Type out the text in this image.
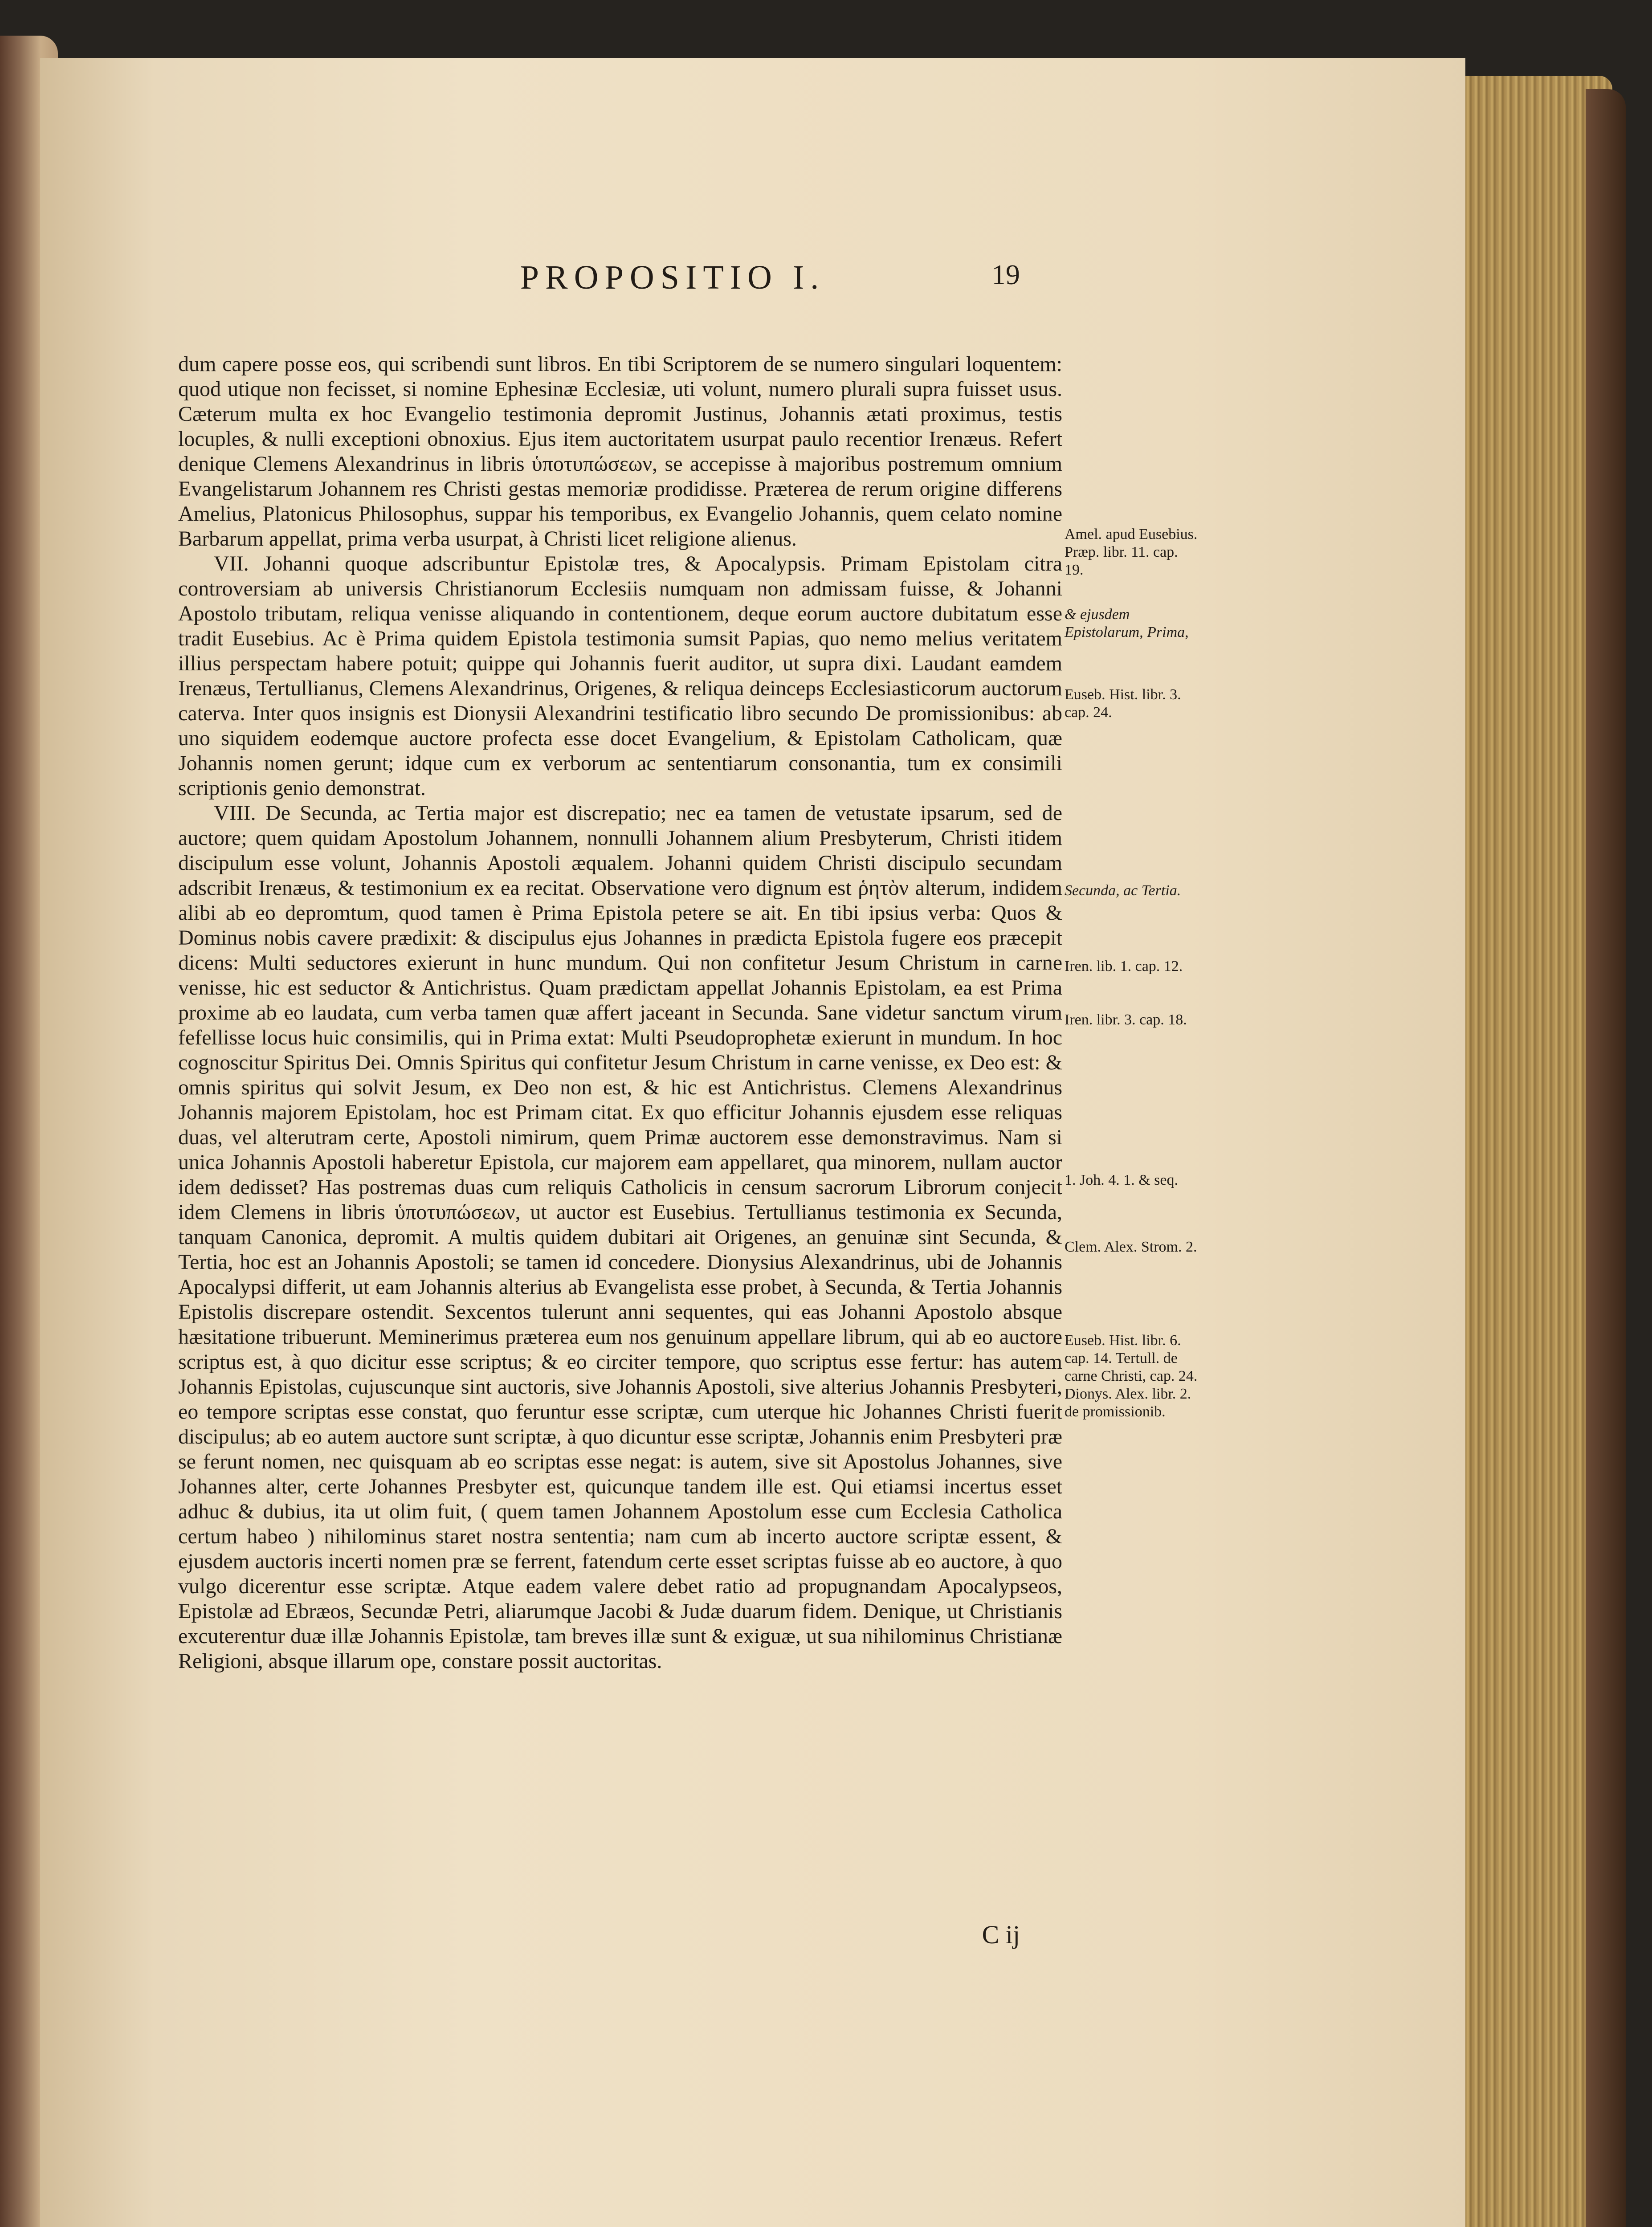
PROPOSITIO I.	19

dum capere posse eos, qui scribendi sunt libros. En tibi Scriptorem de se numero singulari loquentem: quod utique non fecisset, si nomine Ephesinæ Ecclesiæ, uti volunt, numero plurali supra fuisset usus. Cæterum multa ex hoc Evangelio testimonia depromit Justinus, Johannis ætati proximus, testis locuples, & nulli exceptioni obnoxius. Ejus item auctoritatem usurpat paulo recentior Irenæus. Refert denique Clemens Alexandrinus in libris ὑποτυπώσεων, se accepisse à majoribus postremum omnium Evangelistarum Johannem res Christi gestas memoriæ prodidisse. Præterea de rerum origine differens Amelius, Platonicus Philosophus, suppar his temporibus, ex Evangelio Johannis, quem celato nomine Barbarum appellat, prima verba usurpat, à Christi licet religione alienus.

VII. Johanni quoque adscribuntur Epistolæ tres, & Apocalypsis. Primam Epistolam citra controversiam ab universis Christianorum Ecclesiis numquam non admissam fuisse, & Johanni Apostolo tributam, reliqua venisse aliquando in contentionem, deque eorum auctore dubitatum esse tradit Eusebius. Ac è Prima quidem Epistola testimonia sumsit Papias, quo nemo melius veritatem illius perspectam habere potuit; quippe qui Johannis fuerit auditor, ut supra dixi. Laudant eamdem Irenæus, Tertullianus, Clemens Alexandrinus, Origenes, & reliqua deinceps Ecclesiasticorum auctorum caterva. Inter quos insignis est Dionysii Alexandrini testificatio libro secundo De promissionibus: ab uno siquidem eodemque auctore profecta esse docet Evangelium, & Epistolam Catholicam, quæ Johannis nomen gerunt; idque cum ex verborum ac sententiarum consonantia, tum ex consimili scriptionis genio demonstrat.

VIII. De Secunda, ac Tertia major est discrepatio; nec ea tamen de vetustate ipsarum, sed de auctore; quem quidam Apostolum Johannem, nonnulli Johannem alium Presbyterum, Christi itidem discipulum esse volunt, Johannis Apostoli æqualem. Johanni quidem Christi discipulo secundam adscribit Irenæus, & testimonium ex ea recitat. Observatione vero dignum est ῥητὸν alterum, indidem alibi ab eo depromtum, quod tamen è Prima Epistola petere se ait. En tibi ipsius verba: Quos & Dominus nobis cavere prædixit: & discipulus ejus Johannes in prædicta Epistola fugere eos præcepit dicens: Multi seductores exierunt in hunc mundum. Qui non confitetur Jesum Christum in carne venisse, hic est seductor & Antichristus. Quam prædictam appellat Johannis Epistolam, ea est Prima proxime ab eo laudata, cum verba tamen quæ affert jaceant in Secunda. Sane videtur sanctum virum fefellisse locus huic consimilis, qui in Prima extat: Multi Pseudoprophetæ exierunt in mundum. In hoc cognoscitur Spiritus Dei. Omnis Spiritus qui confitetur Jesum Christum in carne venisse, ex Deo est: & omnis spiritus qui solvit Jesum, ex Deo non est, & hic est Antichristus. Clemens Alexandrinus Johannis majorem Epistolam, hoc est Primam citat. Ex quo efficitur Johannis ejusdem esse reliquas duas, vel alterutram certe, Apostoli nimirum, quem Primæ auctorem esse demonstravimus. Nam si unica Johannis Apostoli haberetur Epistola, cur majorem eam appellaret, qua minorem, nullam auctor idem dedisset? Has postremas duas cum reliquis Catholicis in censum sacrorum Librorum conjecit idem Clemens in libris ὑποτυπώσεων, ut auctor est Eusebius. Tertullianus testimonia ex Secunda, tanquam Canonica, depromit. A multis quidem dubitari ait Origenes, an genuinæ sint Secunda, & Tertia, hoc est an Johannis Apostoli; se tamen id concedere. Dionysius Alexandrinus, ubi de Johannis Apocalypsi differit, ut eam Johannis alterius ab Evangelista esse probet, à Secunda, & Tertia Johannis Epistolis discrepare ostendit. Sexcentos tulerunt anni sequentes, qui eas Johanni Apostolo absque hæsitatione tribuerunt. Meminerimus præterea eum nos genuinum appellare librum, qui ab eo auctore scriptus est, à quo dicitur esse scriptus; & eo circiter tempore, quo scriptus esse fertur: has autem Johannis Epistolas, cujuscunque sint auctoris, sive Johannis Apostoli, sive alterius Johannis Presbyteri, eo tempore scriptas esse constat, quo feruntur esse scriptæ, cum uterque hic Johannes Christi fuerit discipulus; ab eo autem auctore sunt scriptæ, à quo dicuntur esse scriptæ, Johannis enim Presbyteri præ se ferunt nomen, nec quisquam ab eo scriptas esse negat: is autem, sive sit Apostolus Johannes, sive Johannes alter, certe Johannes Presbyter est, quicunque tandem ille est. Qui etiamsi incertus esset adhuc & dubius, ita ut olim fuit, ( quem tamen Johannem Apostolum esse cum Ecclesia Catholica certum habeo ) nihilominus staret nostra sententia; nam cum ab incerto auctore scriptæ essent, & ejusdem auctoris incerti nomen præ se ferrent, fatendum certe esset scriptas fuisse ab eo auctore, à quo vulgo dicerentur esse scriptæ. Atque eadem valere debet ratio ad propugnandam Apocalypseos, Epistolæ ad Ebræos, Secundæ Petri, aliarumque Jacobi & Judæ duarum fidem. Denique, ut Christianis excuterentur duæ illæ Johannis Epistolæ, tam breves illæ sunt & exiguæ, ut sua nihilominus Christianæ Religioni, absque illarum ope, constare possit auctoritas.

Amel. apud Eusebius. Præp. libr. 11. cap. 19.
& ejusdem Epistolarum, Prima,
Euseb. Hist. libr. 3. cap. 24.
Secunda, ac Tertia.
Iren. lib. 1. cap. 12.
Iren. libr. 3. cap. 18.
1. Joh. 4. 1. & seq.
Clem. Alex. Strom. 2.
Euseb. Hist. libr. 6. cap. 14. Tertull. de carne Christi, cap. 24. Dionys. Alex. libr. 2. de promissionib.
C ij
